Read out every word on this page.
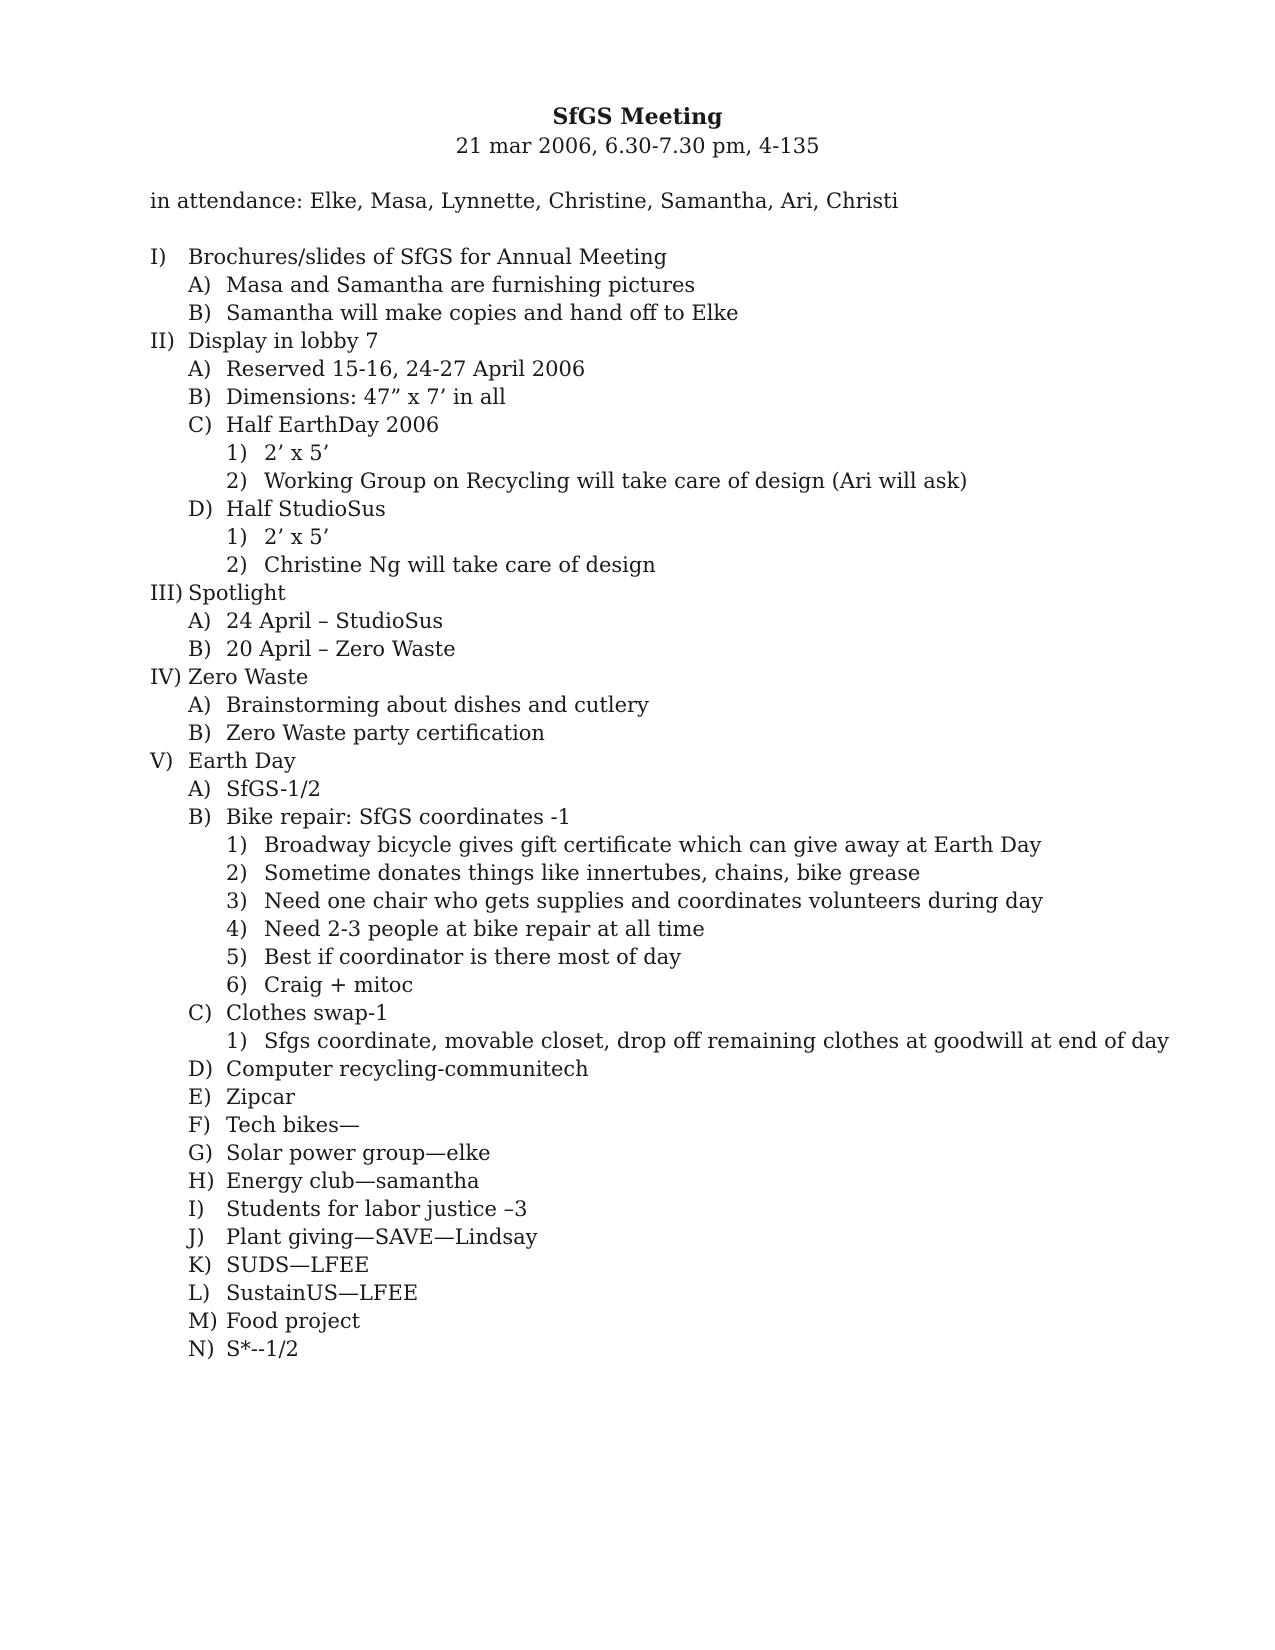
SfGS Meeting
21 mar 2006, 6.30-7.30 pm, 4-135
in attendance: Elke, Masa, Lynnette, Christine, Samantha, Ari, Christi
I) Brochures/slides of SfGS for Annual Meeting
A) Masa and Samantha are furnishing pictures
B) Samantha will make copies and hand off to Elke
II) Display in lobby 7
A) Reserved 15-16, 24-27 April 2006
B) Dimensions: 47” x 7’ in all
C) Half EarthDay 2006
1) 2’ x 5’
2) Working Group on Recycling will take care of design (Ari will ask)
D) Half StudioSus
1) 2’ x 5’
2) Christine Ng will take care of design
III) Spotlight
A) 24 April – StudioSus
B) 20 April – Zero Waste
IV) Zero Waste
A) Brainstorming about dishes and cutlery
B) Zero Waste party certification
V) Earth Day
A) SfGS-1/2
B) Bike repair: SfGS coordinates -1
1) Broadway bicycle gives gift certificate which can give away at Earth Day
2) Sometime donates things like innertubes, chains, bike grease
3) Need one chair who gets supplies and coordinates volunteers during day
4) Need 2-3 people at bike repair at all time
5) Best if coordinator is there most of day
6) Craig + mitoc
C) Clothes swap-1
1) Sfgs coordinate, movable closet, drop off remaining clothes at goodwill at end of day
D) Computer recycling-communitech
E) Zipcar
F) Tech bikes—
G) Solar power group—elke
H) Energy club—samantha
I) Students for labor justice –3
J) Plant giving—SAVE—Lindsay
K) SUDS—LFEE
L) SustainUS—LFEE
M) Food project
N) S*--1/2
